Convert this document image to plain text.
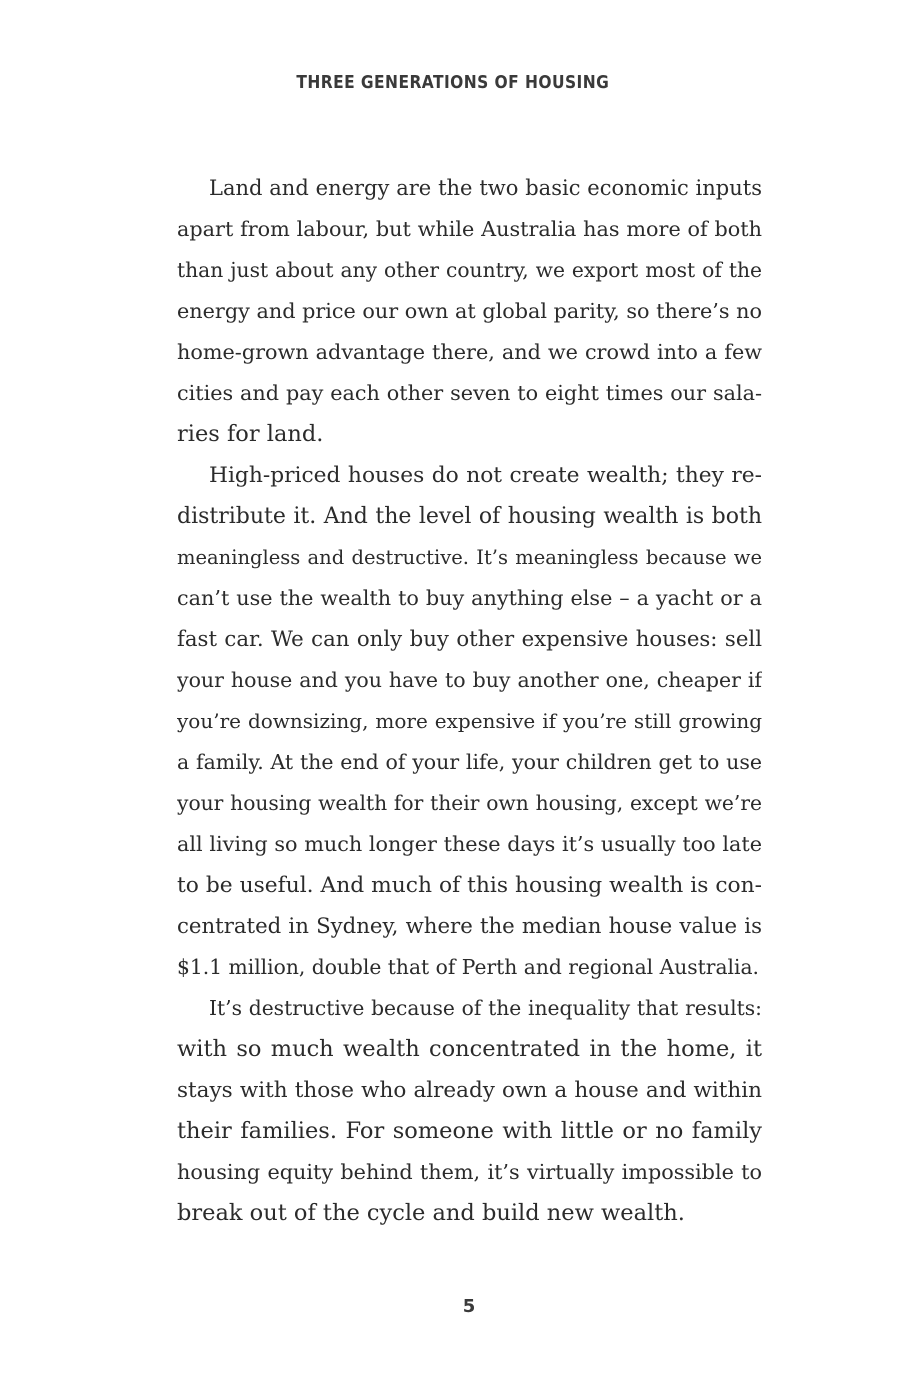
THREE GENERATIONS OF HOUSING
Land and energy are the two basic economic inputs
apart from labour, but while Australia has more of both
than just about any other country, we export most of the
energy and price our own at global parity, so there’s no
home-grown advantage there, and we crowd into a few
cities and pay each other seven to eight times our sala-
ries for land.
High-priced houses do not create wealth; they re-
distribute it. And the level of housing wealth is both
meaningless and destructive. It’s meaningless because we
can’t use the wealth to buy anything else – a yacht or a
fast car. We can only buy other expensive houses: sell
your house and you have to buy another one, cheaper if
you’re downsizing, more expensive if you’re still growing
a family. At the end of your life, your children get to use
your housing wealth for their own housing, except we’re
all living so much longer these days it’s usually too late
to be useful. And much of this housing wealth is con-
centrated in Sydney, where the median house value is
$1.1 million, double that of Perth and regional Australia.
It’s destructive because of the inequality that results:
with so much wealth concentrated in the home, it
stays with those who already own a house and within
their families. For someone with little or no family
housing equity behind them, it’s virtually impossible to
break out of the cycle and build new wealth.
5
